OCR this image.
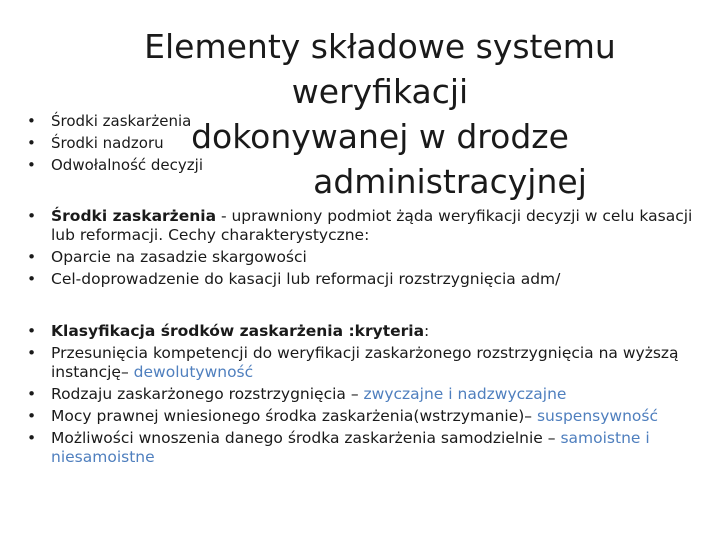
Elementy składowe systemu weryfikacji
dokonywanej w drodze
administracyjnej
• Środki zaskarżenia
• Środki nadzoru
• Odwołalność decyzji
• Środki zaskarżenia - uprawniony podmiot żąda weryfikacji decyzji w celu kasacji lub reformacji. Cechy charakterystyczne:
• Oparcie na zasadzie skargowości
• Cel-doprowadzenie do kasacji lub reformacji rozstrzygnięcia adm/
• Klasyfikacja środków zaskarżenia :kryteria:
• Przesunięcia kompetencji do weryfikacji zaskarżonego rozstrzygnięcia na wyższą instancję– dewolutywność
• Rodzaju zaskarżonego rozstrzygnięcia – zwyczajne i nadzwyczajne
• Mocy prawnej wniesionego środka zaskarżenia(wstrzymanie)– suspensywność
• Możliwości wnoszenia danego środka zaskarżenia samodzielnie – samoistne i niesamoistne
